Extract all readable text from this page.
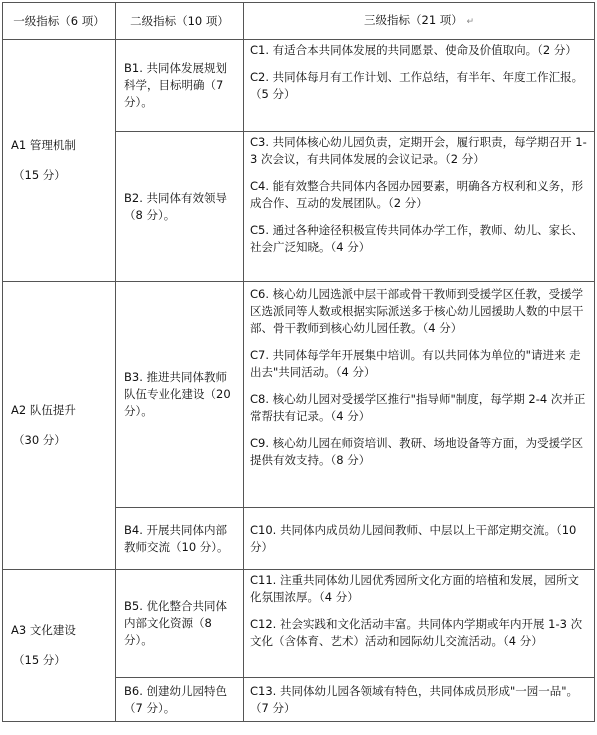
一级指标（6 项）	二级指标（10 项）	三级指标（21 项） ↵
A1 管理机制
（15 分）	B1. 共同体发展规划科学，目标明确（7 分）。	C1. 有适合本共同体发展的共同愿景、使命及价值取向。（2 分）
C2. 共同体每月有工作计划、工作总结，有半年、年度工作汇报。（5 分）

	B2. 共同体有效领导（8 分）。	C3. 共同体核心幼儿园负责，定期开会，履行职责，每学期召开 1-3 次会议，有共同体发展的会议记录。（2 分）
C4. 能有效整合共同体内各园办园要素，明确各方权利和义务，形成合作、互动的发展团队。（2 分）
C5. 通过各种途径积极宣传共同体办学工作，教师、幼儿、家长、社会广泛知晓。（4 分）

A2 队伍提升
（30 分）	B3. 推进共同体教师队伍专业化建设（20 分）。	C6. 核心幼儿园选派中层干部或骨干教师到受援学区任教，受援学区选派同等人数或根据实际派送多于核心幼儿园援助人数的中层干部、骨干教师到核心幼儿园任教。（4 分）
C7. 共同体每学年开展集中培训。有以共同体为单位的"请进来 走出去"共同活动。（4 分）
C8. 核心幼儿园对受援学区推行"指导师"制度，每学期 2-4 次并正常帮扶有记录。（4 分）
C9. 核心幼儿园在师资培训、教研、场地设备等方面，为受援学区提供有效支持。（8 分）

	B4. 开展共同体内部教师交流（10 分）。	C10. 共同体内成员幼儿园间教师、中层以上干部定期交流。（10 分）

A3 文化建设
（15 分）	B5. 优化整合共同体内部文化资源（8 分）。	C11. 注重共同体幼儿园优秀园所文化方面的培植和发展，园所文化氛围浓厚。（4 分）
C12. 社会实践和文化活动丰富。共同体内学期或年内开展 1-3 次文化（含体育、艺术）活动和园际幼儿交流活动。（4 分）

	B6. 创建幼儿园特色（7 分）。	C13. 共同体幼儿园各领域有特色，共同体成员形成"一园一品"。（7 分）
